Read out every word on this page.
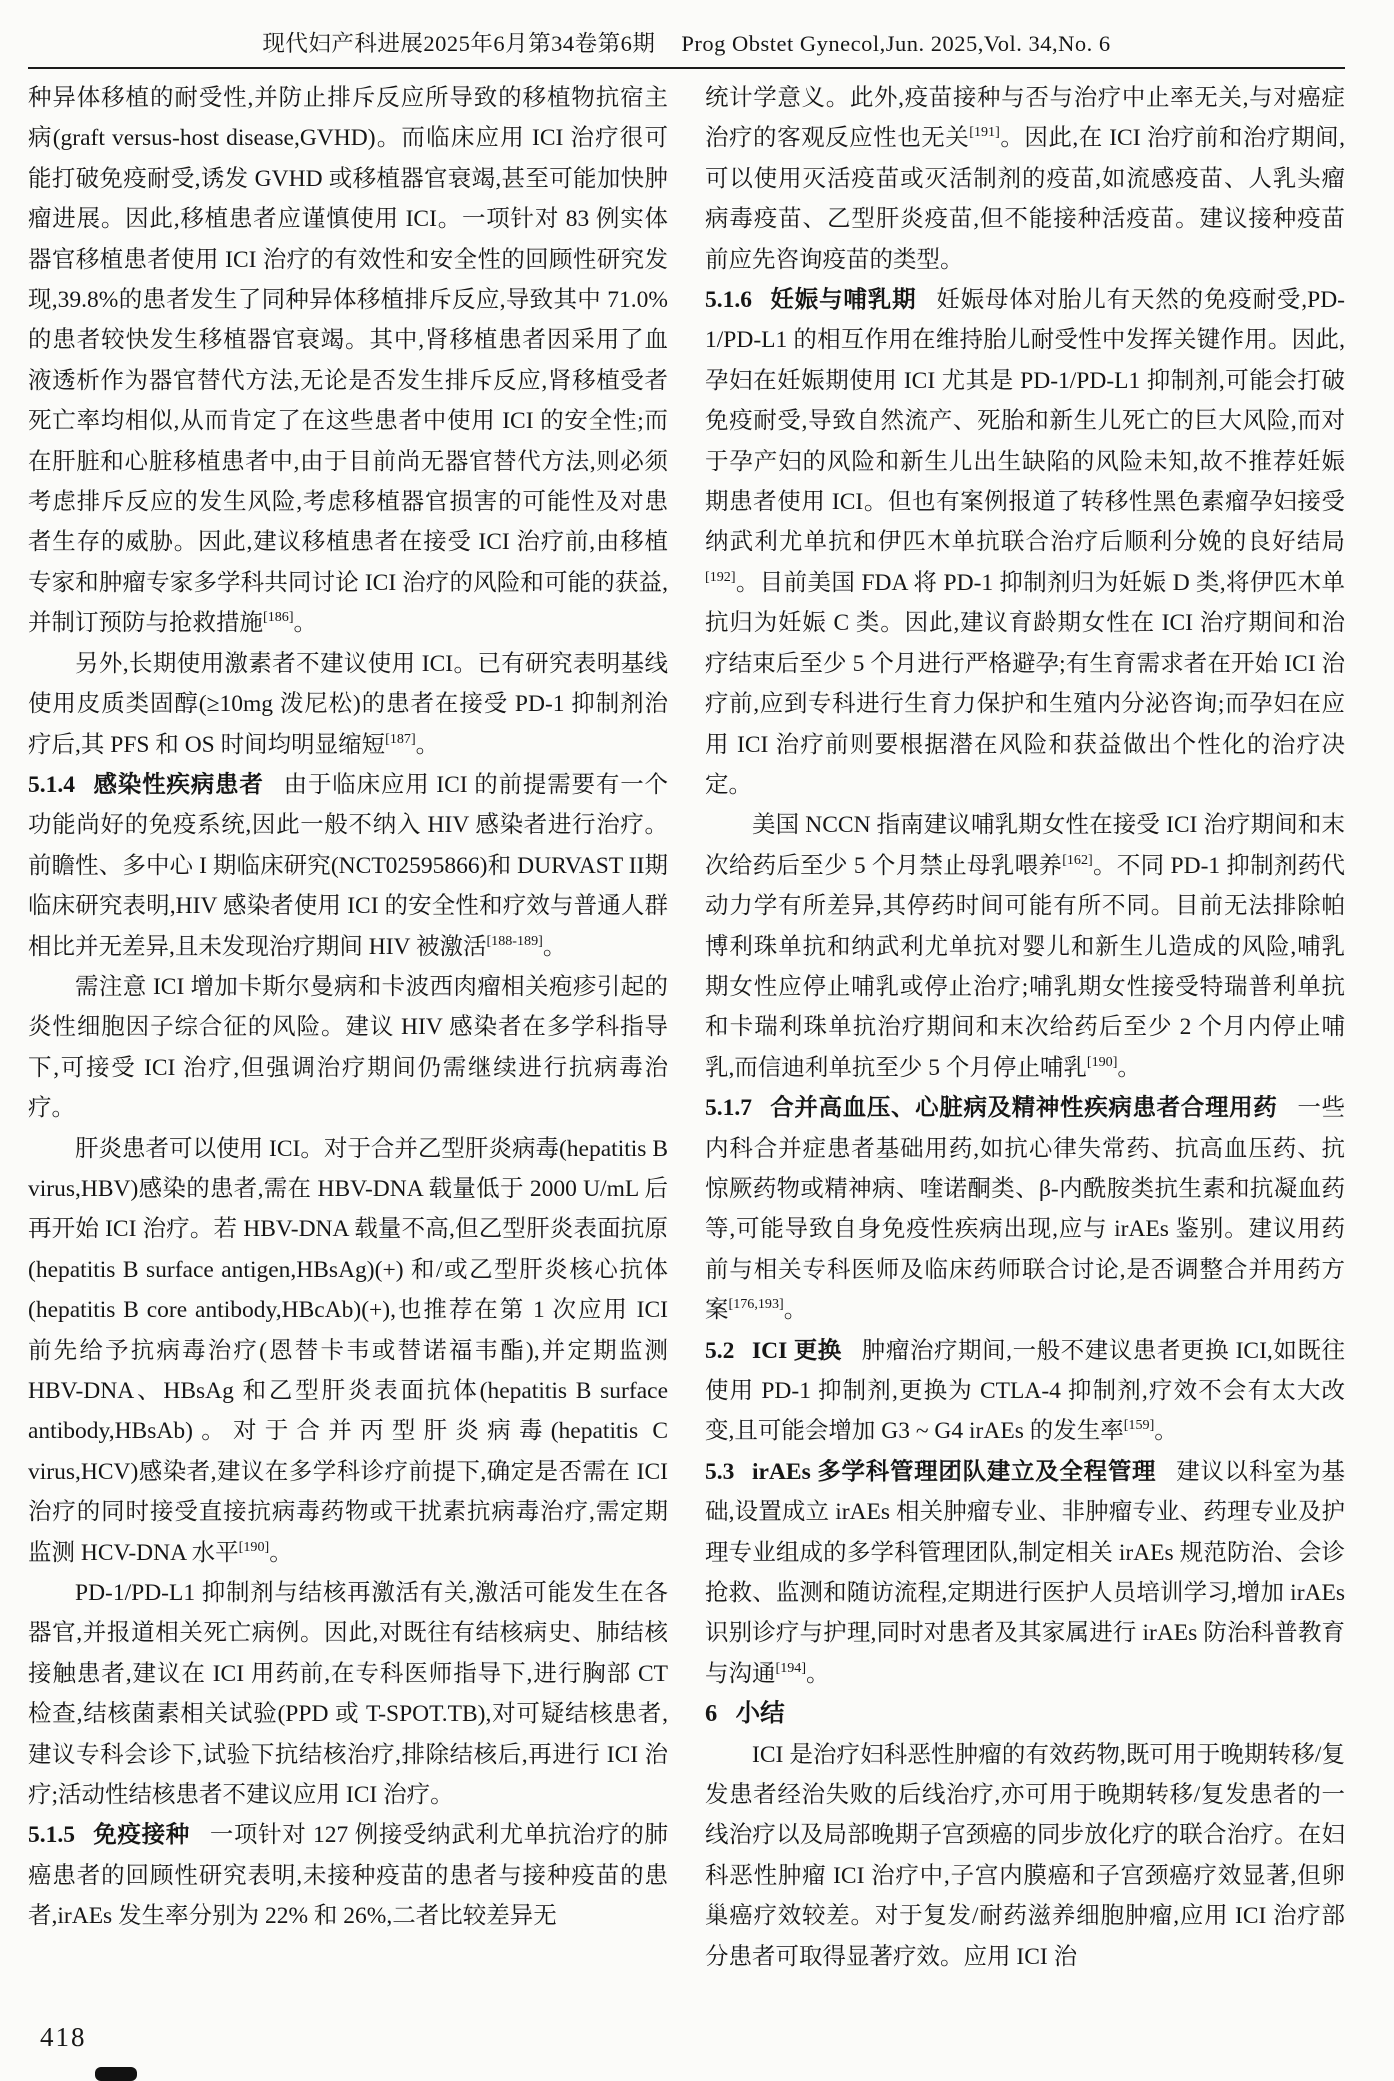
现代妇产科进展2025年6月第34卷第6期 Prog Obstet Gynecol,Jun. 2025,Vol. 34,No. 6

种异体移植的耐受性,并防止排斥反应所导致的移植物抗宿主病(graft versus-host disease,GVHD)。而临床应用 ICI 治疗很可能打破免疫耐受,诱发 GVHD 或移植器官衰竭,甚至可能加快肿瘤进展。因此,移植患者应谨慎使用 ICI。一项针对 83 例实体器官移植患者使用 ICI 治疗的有效性和安全性的回顾性研究发现,39.8%的患者发生了同种异体移植排斥反应,导致其中 71.0%的患者较快发生移植器官衰竭。其中,肾移植患者因采用了血液透析作为器官替代方法,无论是否发生排斥反应,肾移植受者死亡率均相似,从而肯定了在这些患者中使用 ICI 的安全性;而在肝脏和心脏移植患者中,由于目前尚无器官替代方法,则必须考虑排斥反应的发生风险,考虑移植器官损害的可能性及对患者生存的威胁。因此,建议移植患者在接受 ICI 治疗前,由移植专家和肿瘤专家多学科共同讨论 ICI 治疗的风险和可能的获益,并制订预防与抢救措施[186]。

另外,长期使用激素者不建议使用 ICI。已有研究表明基线使用皮质类固醇(≥10mg 泼尼松)的患者在接受 PD-1 抑制剂治疗后,其 PFS 和 OS 时间均明显缩短[187]。

5.1.4 感染性疾病患者 由于临床应用 ICI 的前提需要有一个功能尚好的免疫系统,因此一般不纳入 HIV 感染者进行治疗。前瞻性、多中心 I 期临床研究(NCT02595866)和 DURVAST II期临床研究表明,HIV 感染者使用 ICI 的安全性和疗效与普通人群相比并无差异,且未发现治疗期间 HIV 被激活[188-189]。

需注意 ICI 增加卡斯尔曼病和卡波西肉瘤相关疱疹引起的炎性细胞因子综合征的风险。建议 HIV 感染者在多学科指导下,可接受 ICI 治疗,但强调治疗期间仍需继续进行抗病毒治疗。

肝炎患者可以使用 ICI。对于合并乙型肝炎病毒(hepatitis B virus,HBV)感染的患者,需在 HBV-DNA 载量低于 2000 U/mL 后再开始 ICI 治疗。若 HBV-DNA 载量不高,但乙型肝炎表面抗原(hepatitis B surface antigen,HBsAg)(+) 和/或乙型肝炎核心抗体(hepatitis B core antibody,HBcAb)(+),也推荐在第 1 次应用 ICI 前先给予抗病毒治疗(恩替卡韦或替诺福韦酯),并定期监测 HBV-DNA、HBsAg 和乙型肝炎表面抗体(hepatitis B surface antibody,HBsAb)。对于合并丙型肝炎病毒(hepatitis C virus,HCV)感染者,建议在多学科诊疗前提下,确定是否需在 ICI 治疗的同时接受直接抗病毒药物或干扰素抗病毒治疗,需定期监测 HCV-DNA 水平[190]。

PD-1/PD-L1 抑制剂与结核再激活有关,激活可能发生在各器官,并报道相关死亡病例。因此,对既往有结核病史、肺结核接触患者,建议在 ICI 用药前,在专科医师指导下,进行胸部 CT 检查,结核菌素相关试验(PPD 或 T-SPOT.TB),对可疑结核患者,建议专科会诊下,试验下抗结核治疗,排除结核后,再进行 ICI 治疗;活动性结核患者不建议应用 ICI 治疗。

5.1.5 免疫接种 一项针对 127 例接受纳武利尤单抗治疗的肺癌患者的回顾性研究表明,未接种疫苗的患者与接种疫苗的患者,irAEs 发生率分别为 22% 和 26%,二者比较差异无

统计学意义。此外,疫苗接种与否与治疗中止率无关,与对癌症治疗的客观反应性也无关[191]。因此,在 ICI 治疗前和治疗期间,可以使用灭活疫苗或灭活制剂的疫苗,如流感疫苗、人乳头瘤病毒疫苗、乙型肝炎疫苗,但不能接种活疫苗。建议接种疫苗前应先咨询疫苗的类型。

5.1.6 妊娠与哺乳期 妊娠母体对胎儿有天然的免疫耐受,PD-1/PD-L1 的相互作用在维持胎儿耐受性中发挥关键作用。因此,孕妇在妊娠期使用 ICI 尤其是 PD-1/PD-L1 抑制剂,可能会打破免疫耐受,导致自然流产、死胎和新生儿死亡的巨大风险,而对于孕产妇的风险和新生儿出生缺陷的风险未知,故不推荐妊娠期患者使用 ICI。但也有案例报道了转移性黑色素瘤孕妇接受纳武利尤单抗和伊匹木单抗联合治疗后顺利分娩的良好结局[192]。目前美国 FDA 将 PD-1 抑制剂归为妊娠 D 类,将伊匹木单抗归为妊娠 C 类。因此,建议育龄期女性在 ICI 治疗期间和治疗结束后至少 5 个月进行严格避孕;有生育需求者在开始 ICI 治疗前,应到专科进行生育力保护和生殖内分泌咨询;而孕妇在应用 ICI 治疗前则要根据潜在风险和获益做出个性化的治疗决定。

美国 NCCN 指南建议哺乳期女性在接受 ICI 治疗期间和末次给药后至少 5 个月禁止母乳喂养[162]。不同 PD-1 抑制剂药代动力学有所差异,其停药时间可能有所不同。目前无法排除帕博利珠单抗和纳武利尤单抗对婴儿和新生儿造成的风险,哺乳期女性应停止哺乳或停止治疗;哺乳期女性接受特瑞普利单抗和卡瑞利珠单抗治疗期间和末次给药后至少 2 个月内停止哺乳,而信迪利单抗至少 5 个月停止哺乳[190]。

5.1.7 合并高血压、心脏病及精神性疾病患者合理用药 一些内科合并症患者基础用药,如抗心律失常药、抗高血压药、抗惊厥药物或精神病、喹诺酮类、β-内酰胺类抗生素和抗凝血药等,可能导致自身免疫性疾病出现,应与 irAEs 鉴别。建议用药前与相关专科医师及临床药师联合讨论,是否调整合并用药方案[176,193]。

5.2 ICI 更换 肿瘤治疗期间,一般不建议患者更换 ICI,如既往使用 PD-1 抑制剂,更换为 CTLA-4 抑制剂,疗效不会有太大改变,且可能会增加 G3 ~ G4 irAEs 的发生率[159]。

5.3 irAEs 多学科管理团队建立及全程管理 建议以科室为基础,设置成立 irAEs 相关肿瘤专业、非肿瘤专业、药理专业及护理专业组成的多学科管理团队,制定相关 irAEs 规范防治、会诊抢救、监测和随访流程,定期进行医护人员培训学习,增加 irAEs 识别诊疗与护理,同时对患者及其家属进行 irAEs 防治科普教育与沟通[194]。

6 小结

ICI 是治疗妇科恶性肿瘤的有效药物,既可用于晚期转移/复发患者经治失败的后线治疗,亦可用于晚期转移/复发患者的一线治疗以及局部晚期子宫颈癌的同步放化疗的联合治疗。在妇科恶性肿瘤 ICI 治疗中,子宫内膜癌和子宫颈癌疗效显著,但卵巢癌疗效较差。对于复发/耐药滋养细胞肿瘤,应用 ICI 治疗部分患者可取得显著疗效。应用 ICI 治

418
